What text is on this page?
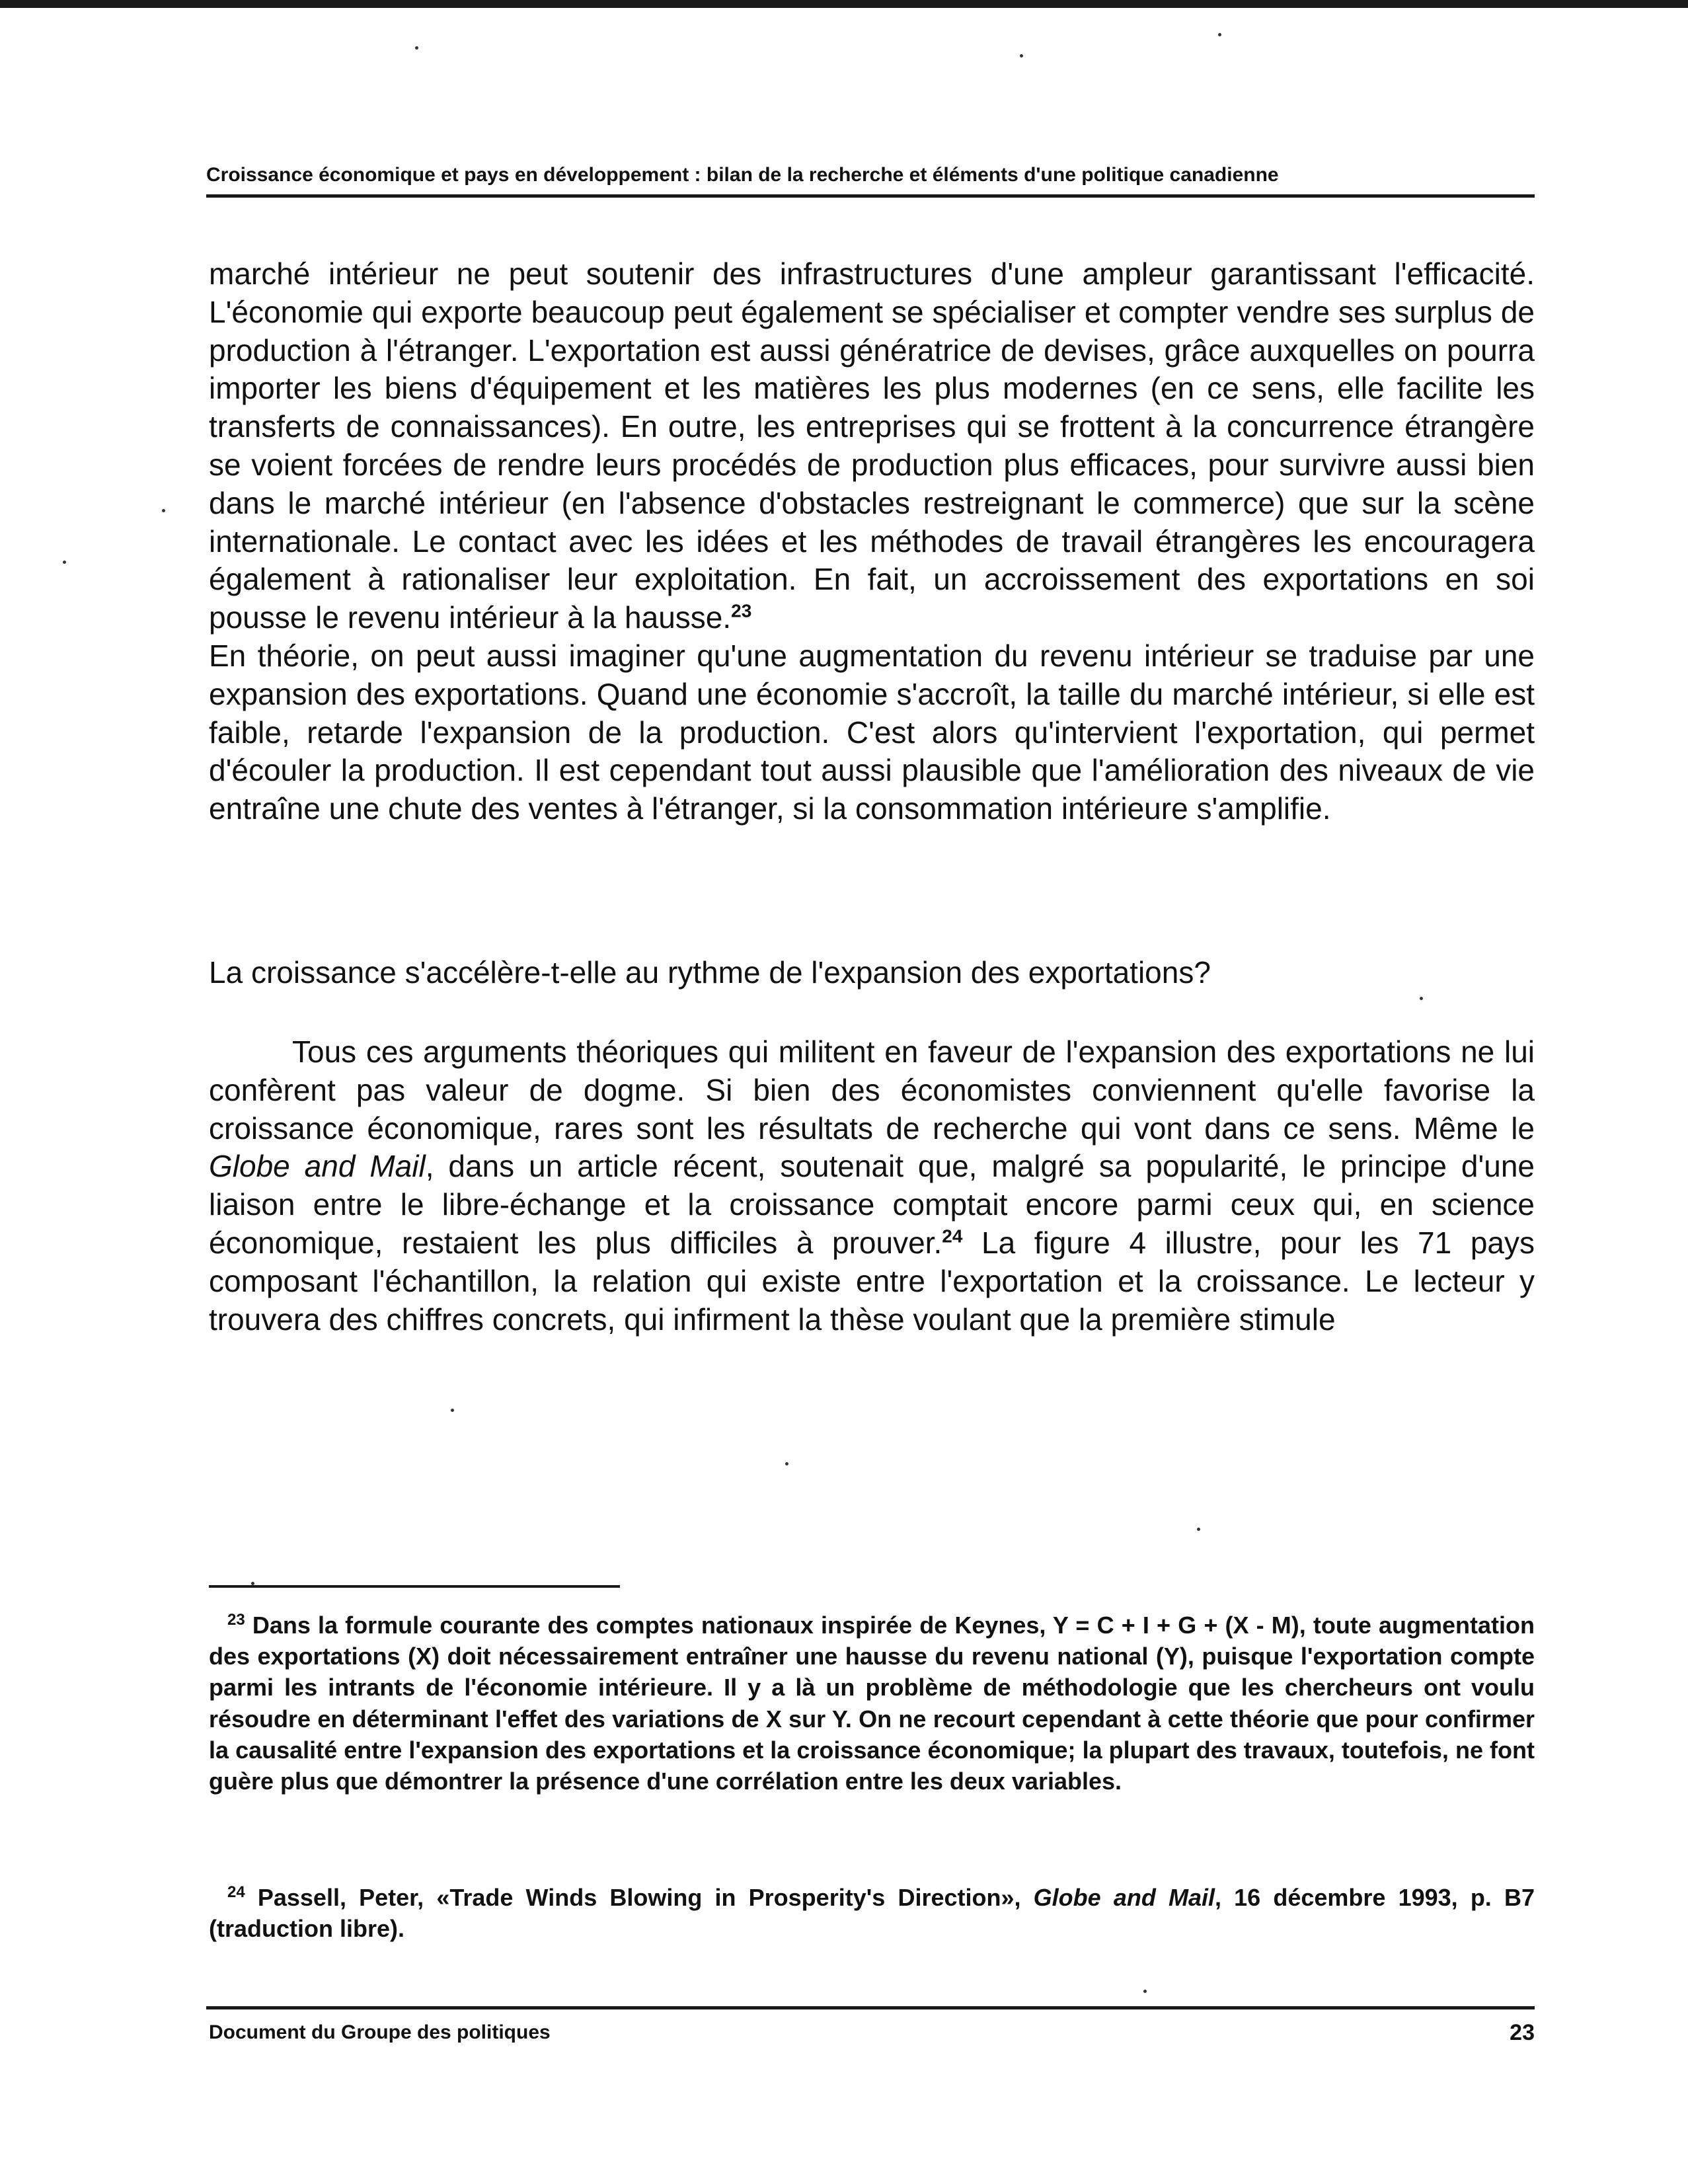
Croissance économique et pays en développement : bilan de la recherche et éléments d'une politique canadienne

marché intérieur ne peut soutenir des infrastructures d'une ampleur garantissant l'efficacité. L'économie qui exporte beaucoup peut également se spécialiser et compter vendre ses surplus de production à l'étranger. L'exportation est aussi génératrice de devises, grâce auxquelles on pourra importer les biens d'équipement et les matières les plus modernes (en ce sens, elle facilite les transferts de connaissances). En outre, les entreprises qui se frottent à la concurrence étrangère se voient forcées de rendre leurs procédés de production plus efficaces, pour survivre aussi bien dans le marché intérieur (en l'absence d'obstacles restreignant le commerce) que sur la scène internationale. Le contact avec les idées et les méthodes de travail étrangères les encouragera également à rationaliser leur exploitation. En fait, un accroissement des exportations en soi pousse le revenu intérieur à la hausse.$^{23}$
En théorie, on peut aussi imaginer qu'une augmentation du revenu intérieur se traduise par une expansion des exportations. Quand une économie s'accroît, la taille du marché intérieur, si elle est faible, retarde l'expansion de la production. C'est alors qu'intervient l'exportation, qui permet d'écouler la production. Il est cependant tout aussi plausible que l'amélioration des niveaux de vie entraîne une chute des ventes à l'étranger, si la consommation intérieure s'amplifie.

La croissance s'accélère-t-elle au rythme de l'expansion des exportations?

Tous ces arguments théoriques qui militent en faveur de l'expansion des exportations ne lui confèrent pas valeur de dogme. Si bien des économistes conviennent qu'elle favorise la croissance économique, rares sont les résultats de recherche qui vont dans ce sens. Même le Globe and Mail, dans un article récent, soutenait que, malgré sa popularité, le principe d'une liaison entre le libre-échange et la croissance comptait encore parmi ceux qui, en science économique, restaient les plus difficiles à prouver.$^{24}$ La figure 4 illustre, pour les 71 pays composant l'échantillon, la relation qui existe entre l'exportation et la croissance. Le lecteur y trouvera des chiffres concrets, qui infirment la thèse voulant que la première stimule

$^{23}$ Dans la formule courante des comptes nationaux inspirée de Keynes, Y = C + I + G + (X - M), toute augmentation des exportations (X) doit nécessairement entraîner une hausse du revenu national (Y), puisque l'exportation compte parmi les intrants de l'économie intérieure. Il y a là un problème de méthodologie que les chercheurs ont voulu résoudre en déterminant l'effet des variations de X sur Y. On ne recourt cependant à cette théorie que pour confirmer la causalité entre l'expansion des exportations et la croissance économique; la plupart des travaux, toutefois, ne font guère plus que démontrer la présence d'une corrélation entre les deux variables.

$^{24}$ Passell, Peter, «Trade Winds Blowing in Prosperity's Direction», Globe and Mail, 16 décembre 1993, p. B7 (traduction libre).

Document du Groupe des politiques	23
